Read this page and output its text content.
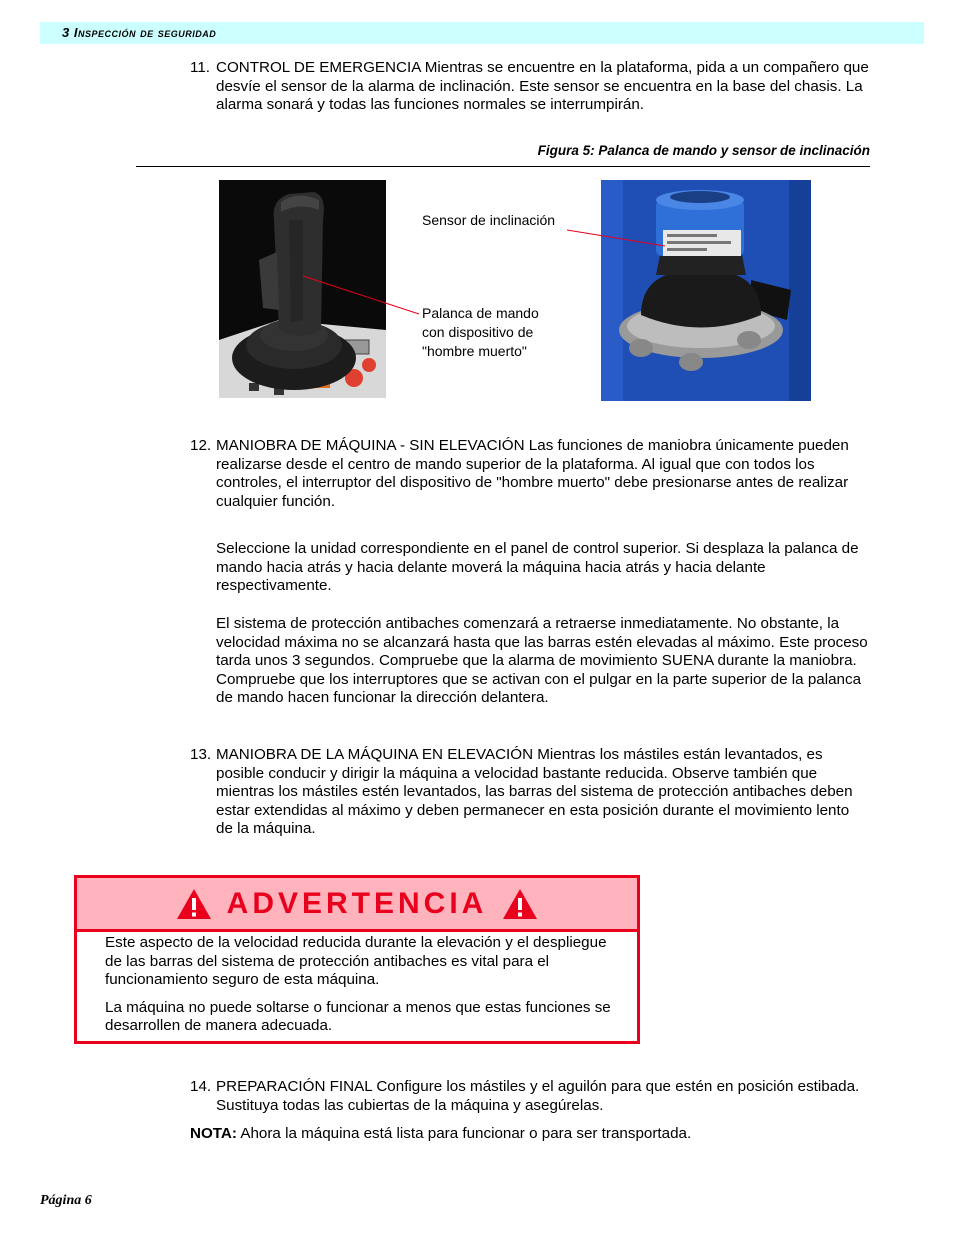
3 Inspección de seguridad
11. CONTROL DE EMERGENCIA Mientras se encuentre en la plataforma, pida a un compañero que desvíe el sensor de la alarma de inclinación. Este sensor se encuentra en la base del chasis. La alarma sonará y todas las funciones normales se interrumpirán.
Figura 5: Palanca de mando y sensor de inclinación
Sensor de inclinación
Palanca de mando
con dispositivo de
"hombre muerto"
12. MANIOBRA DE MÁQUINA - SIN ELEVACIÓN Las funciones de maniobra únicamente pueden realizarse desde el centro de mando superior de la plataforma. Al igual que con todos los controles, el interruptor del dispositivo de "hombre muerto" debe presionarse antes de realizar cualquier función.
Seleccione la unidad correspondiente en el panel de control superior. Si desplaza la palanca de mando hacia atrás y hacia delante moverá la máquina hacia atrás y hacia delante respectivamente.
El sistema de protección antibaches comenzará a retraerse inmediatamente. No obstante, la velocidad máxima no se alcanzará hasta que las barras estén elevadas al máximo. Este proceso tarda unos 3 segundos. Compruebe que la alarma de movimiento SUENA durante la maniobra. Compruebe que los interruptores que se activan con el pulgar en la parte superior de la palanca de mando hacen funcionar la dirección delantera.
13. MANIOBRA DE LA MÁQUINA EN ELEVACIÓN Mientras los mástiles están levantados, es posible conducir y dirigir la máquina a velocidad bastante reducida. Observe también que mientras los mástiles estén levantados, las barras del sistema de protección antibaches deben estar extendidas al máximo y deben permanecer en esta posición durante el movimiento lento de la máquina.
ADVERTENCIA

Este aspecto de la velocidad reducida durante la elevación y el despliegue de las barras del sistema de protección antibaches es vital para el funcionamiento seguro de esta máquina.

La máquina no puede soltarse o funcionar a menos que estas funciones se desarrollen de manera adecuada.

14. PREPARACIÓN FINAL Configure los mástiles y el aguilón para que estén en posición estibada. Sustituya todas las cubiertas de la máquina y asegúrelas.
NOTA: Ahora la máquina está lista para funcionar o para ser transportada.
Página 6
